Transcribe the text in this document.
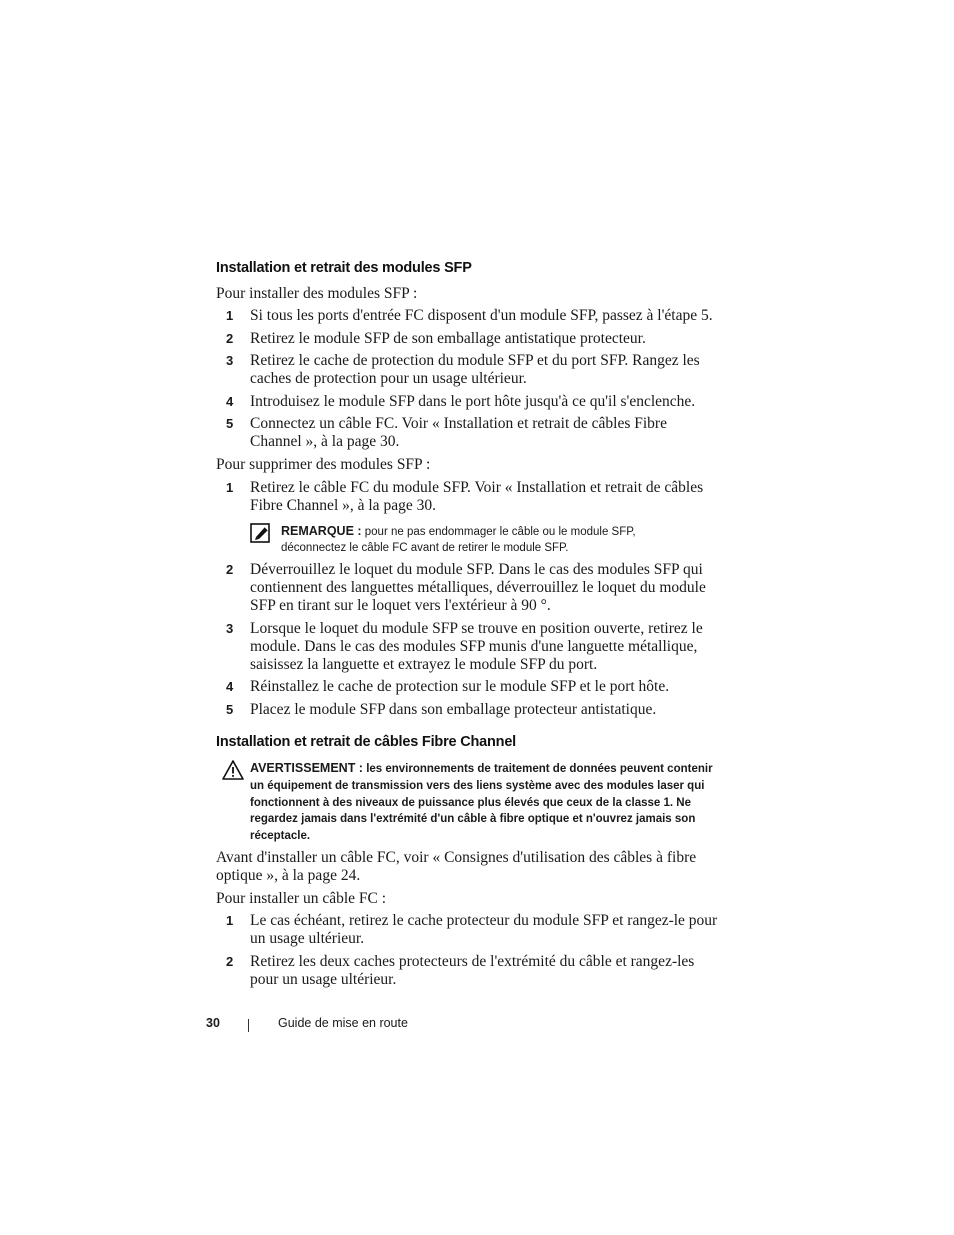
Installation et retrait des modules SFP

Pour installer des modules SFP :

1	Si tous les ports d'entrée FC disposent d'un module SFP, passez à l'étape 5.
2	Retirez le module SFP de son emballage antistatique protecteur.
3	Retirez le cache de protection du module SFP et du port SFP. Rangez les caches de protection pour un usage ultérieur.
4	Introduisez le module SFP dans le port hôte jusqu'à ce qu'il s'enclenche.
5	Connectez un câble FC. Voir « Installation et retrait de câbles Fibre Channel », à la page 30.

Pour supprimer des modules SFP :

1	Retirez le câble FC du module SFP. Voir « Installation et retrait de câbles Fibre Channel », à la page 30.
REMARQUE : pour ne pas endommager le câble ou le module SFP, déconnectez le câble FC avant de retirer le module SFP.
2	Déverrouillez le loquet du module SFP. Dans le cas des modules SFP qui contiennent des languettes métalliques, déverrouillez le loquet du module SFP en tirant sur le loquet vers l'extérieur à 90 °.
3	Lorsque le loquet du module SFP se trouve en position ouverte, retirez le module. Dans le cas des modules SFP munis d'une languette métallique, saisissez la languette et extrayez le module SFP du port.
4	Réinstallez le cache de protection sur le module SFP et le port hôte.
5	Placez le module SFP dans son emballage protecteur antistatique.
Installation et retrait de câbles Fibre Channel
AVERTISSEMENT : les environnements de traitement de données peuvent contenir un équipement de transmission vers des liens système avec des modules laser qui fonctionnent à des niveaux de puissance plus élevés que ceux de la classe 1. Ne regardez jamais dans l'extrémité d'un câble à fibre optique et n'ouvrez jamais son réceptacle.

Avant d'installer un câble FC, voir « Consignes d'utilisation des câbles à fibre optique », à la page 24.

Pour installer un câble FC :

1	Le cas échéant, retirez le cache protecteur du module SFP et rangez-le pour un usage ultérieur.
2	Retirez les deux caches protecteurs de l'extrémité du câble et rangez-les pour un usage ultérieur.
30	Guide de mise en route
